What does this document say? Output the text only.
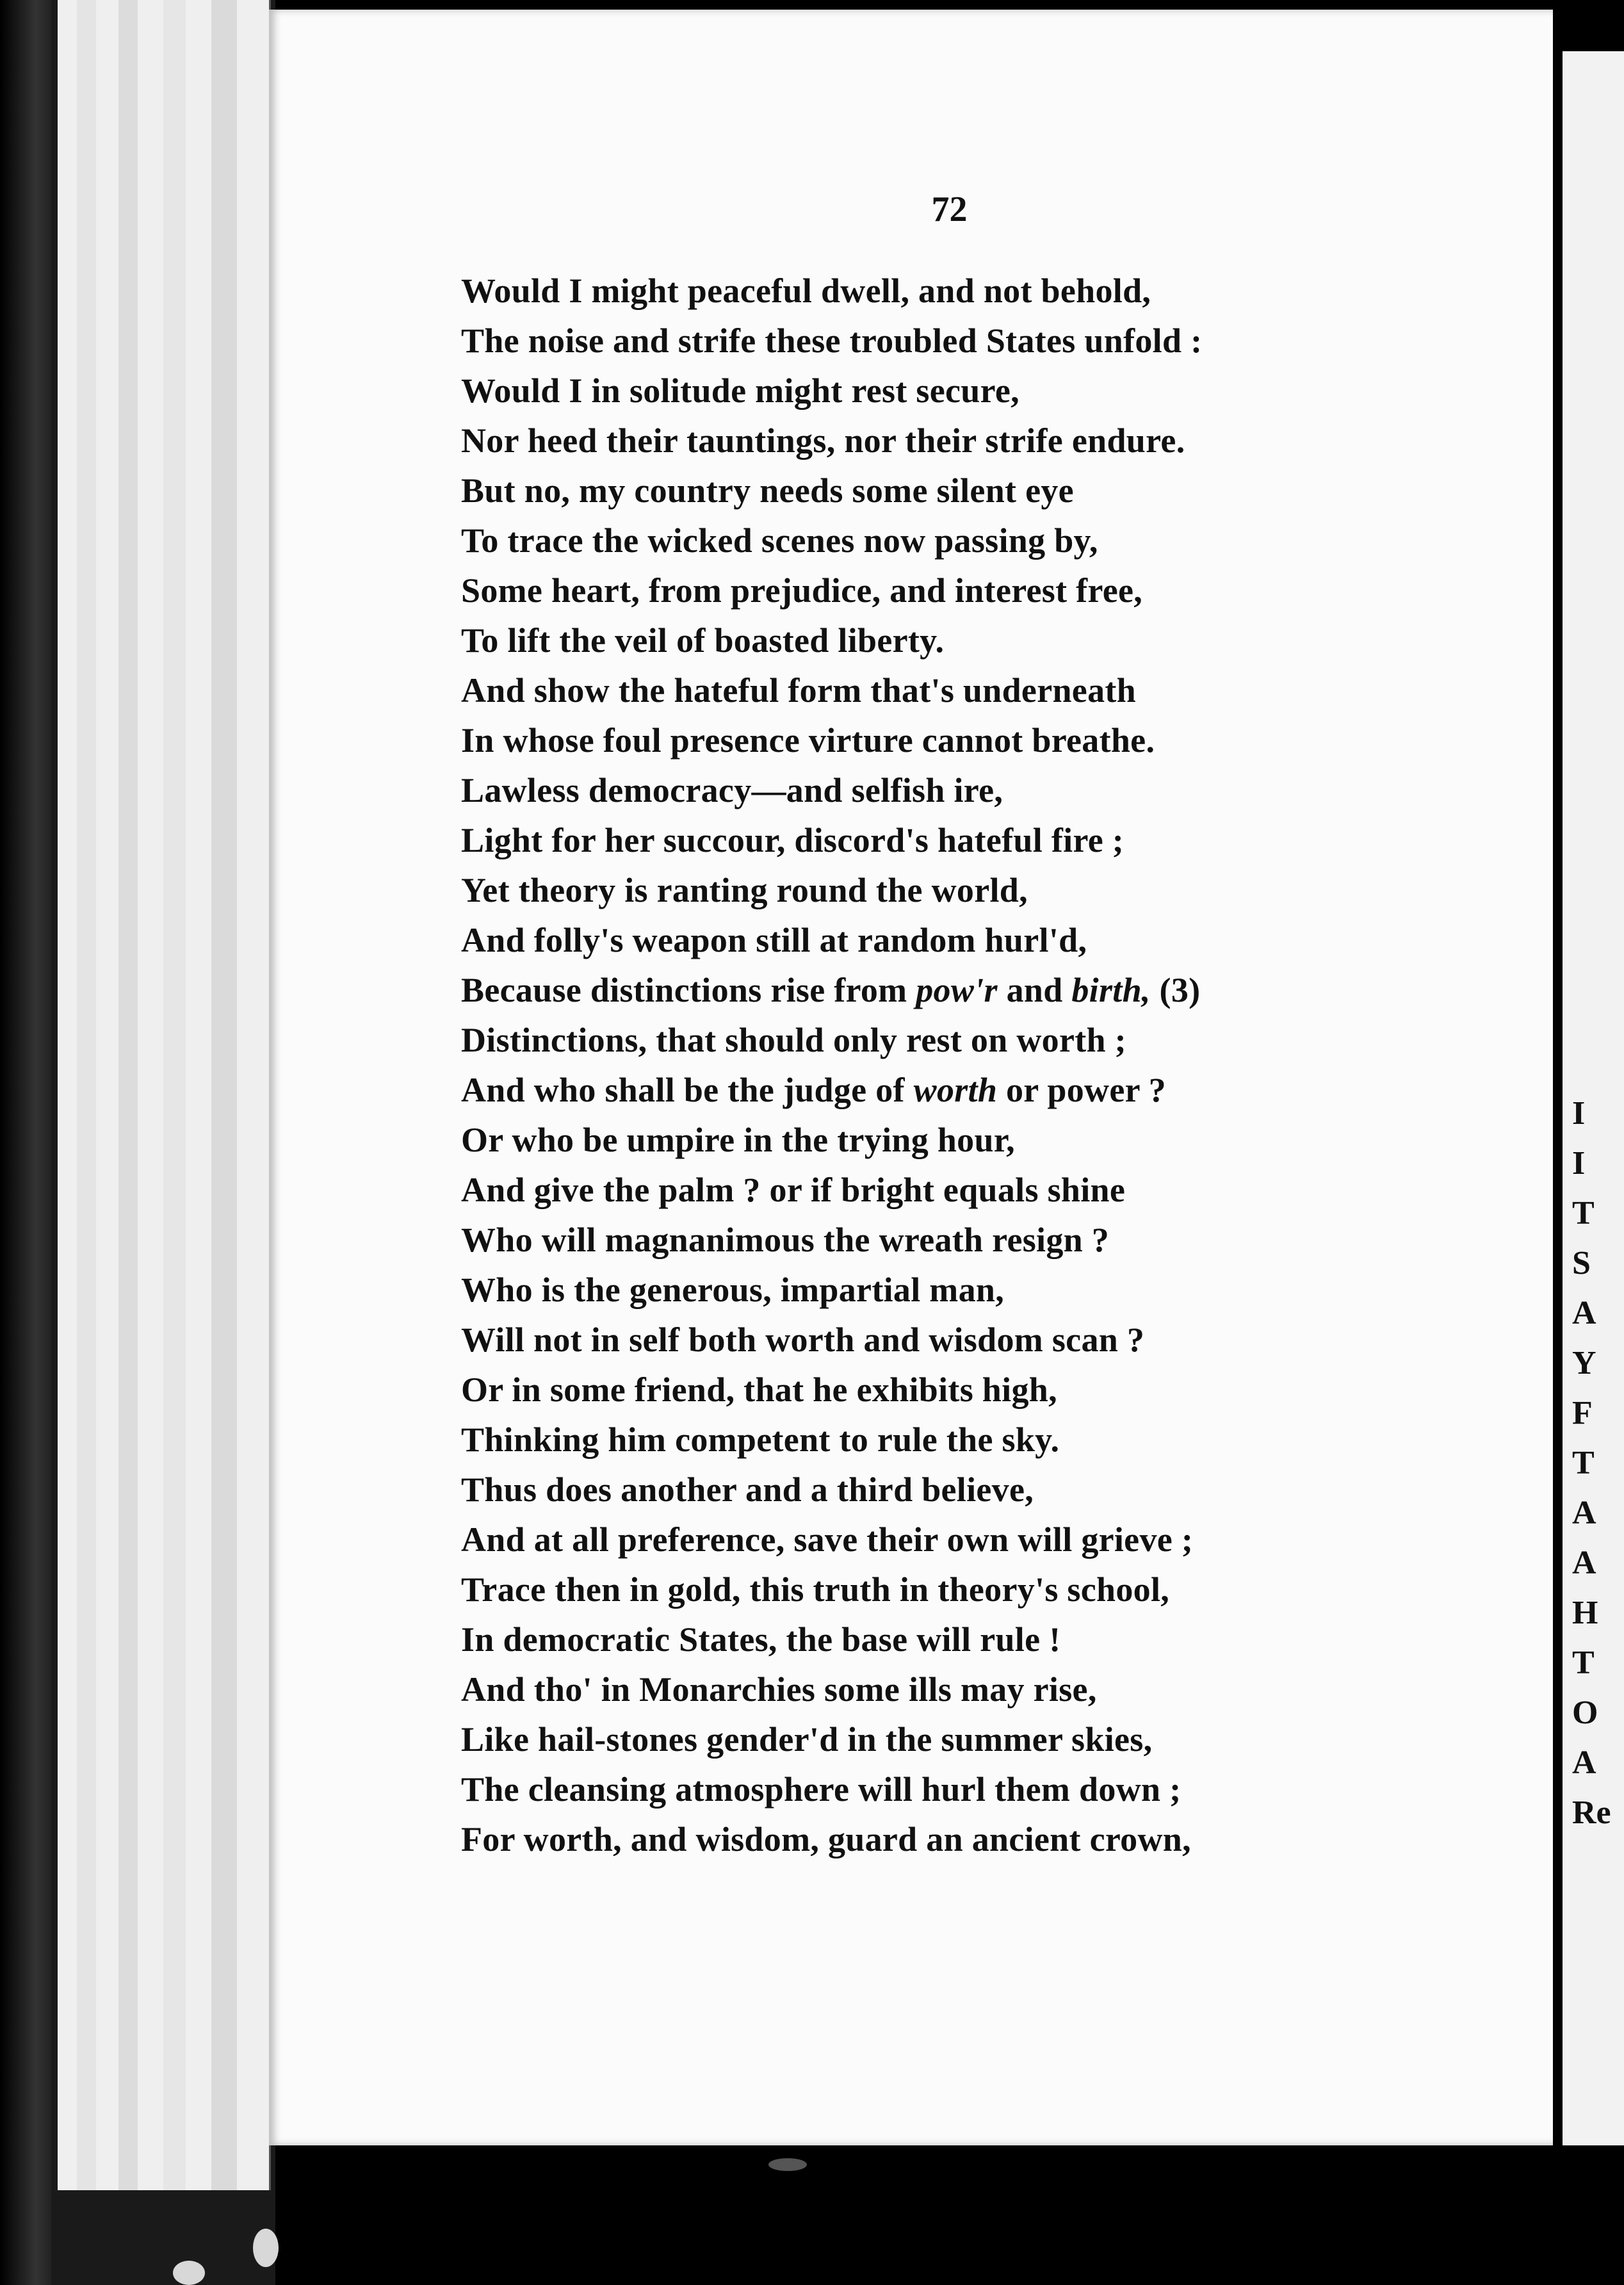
72
Would I might peaceful dwell, and not behold,
The noise and strife these troubled States unfold :
Would I in solitude might rest secure,
Nor heed their tauntings, nor their strife endure.
But no, my country needs some silent eye
To trace the wicked scenes now passing by,
Some heart, from prejudice, and interest free,
To lift the veil of boasted liberty.
And show the hateful form that's underneath
In whose foul presence virture cannot breathe.
Lawless democracy—and selfish ire,
Light for her succour, discord's hateful fire ;
Yet theory is ranting round the world,
And folly's weapon still at random hurl'd,
Because distinctions rise from pow'r and birth, (3)
Distinctions, that should only rest on worth ;
And who shall be the judge of worth or power ?
Or who be umpire in the trying hour,
And give the palm ? or if bright equals shine
Who will magnanimous the wreath resign ?
Who is the generous, impartial man,
Will not in self both worth and wisdom scan ?
Or in some friend, that he exhibits high,
Thinking him competent to rule the sky.
Thus does another and a third believe,
And at all preference, save their own will grieve ;
Trace then in gold, this truth in theory's school,
In democratic States, the base will rule !
And tho' in Monarchies some ills may rise,
Like hail-stones gender'd in the summer skies,
The cleansing atmosphere will hurl them down ;
For worth, and wisdom, guard an ancient crown,
I
I
T
S
A
Y
F
T
A
A
H
T
O
A
Re
